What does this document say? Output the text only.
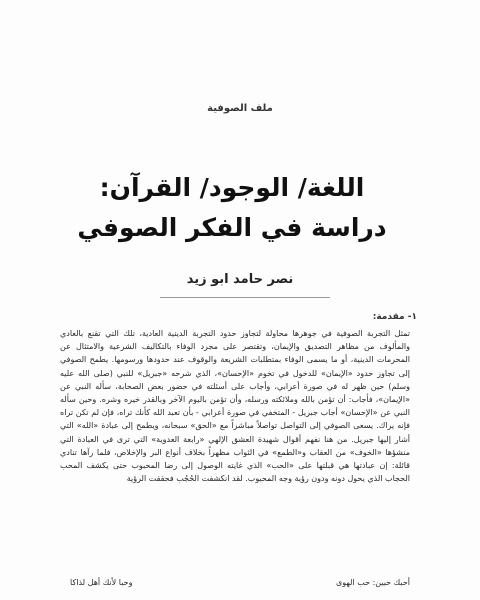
ملف الصوفية
اللغة/ الوجود/ القرآن:
دراسة في الفكر الصوفي
نصر حامد ابو زيد
١- مقدمة:

تمثل التجربة الصوفية في جوهرها محاولة لتجاوز حدود التجربة الدينية العادية، تلك التي تقنع بالعادي والمألوف من مظاهر التصديق والإيمان، وتقتصر على مجرد الوفاء بالتكاليف الشرعية والامتثال عن المحرمات الدينية، أو ما يسمى الوفاء بمتطلبات الشريعة والوقوف عند حدودها ورسومها. يطمح الصوفي إلى تجاوز حدود «الإيمان» للدخول في تخوم «الإحسان»، الذي شرحه «جبريل» للنبي (صلى الله عليه وسلم) حين ظهر له في صورة أعرابي، وأجاب على أسئلته في حضور بعض الصحابة، سأله النبي عن «الإيمان»، فأجاب: أن تؤمن بالله وملائكته ورسله، وأن تؤمن باليوم الآخر وبالقدر خيره وشره. وحين سأله النبي عن «الإحسان» أجاب جبريل - المتخفي في صورة أعرابي - بأن تعبد الله كأنك تراه، فإن لم تكن تراه فإنه يراك. يسعى الصوفي إلى التواصل تواصلاً مباشراً مع «الحق» سبحانه، ويطمح إلى عبادة «الله» التي أشار إليها جبريل. من هنا نفهم أقوال شهيدة العشق الإلهي «رابعة العدوية» التي ترى في العبادة التي منشؤها «الخوف» من العقاب و«الطمع» في الثواب مظهراً بخلاف أنواع البر والإخلاص، فلما رآها تنادي قائلة: إن عبادتها هي قبلتها على «الحب» الذي غايته الوصول إلى رضا المحبوب حتى يكشف المحب الحجاب الذي يحول دونه ودون رؤية وجه المحبوب. لقد انكشفت الحُجُب فحققت الرؤية

أحبك حبين: حب الهوى
وحبا لأنك أهل لذاكا
